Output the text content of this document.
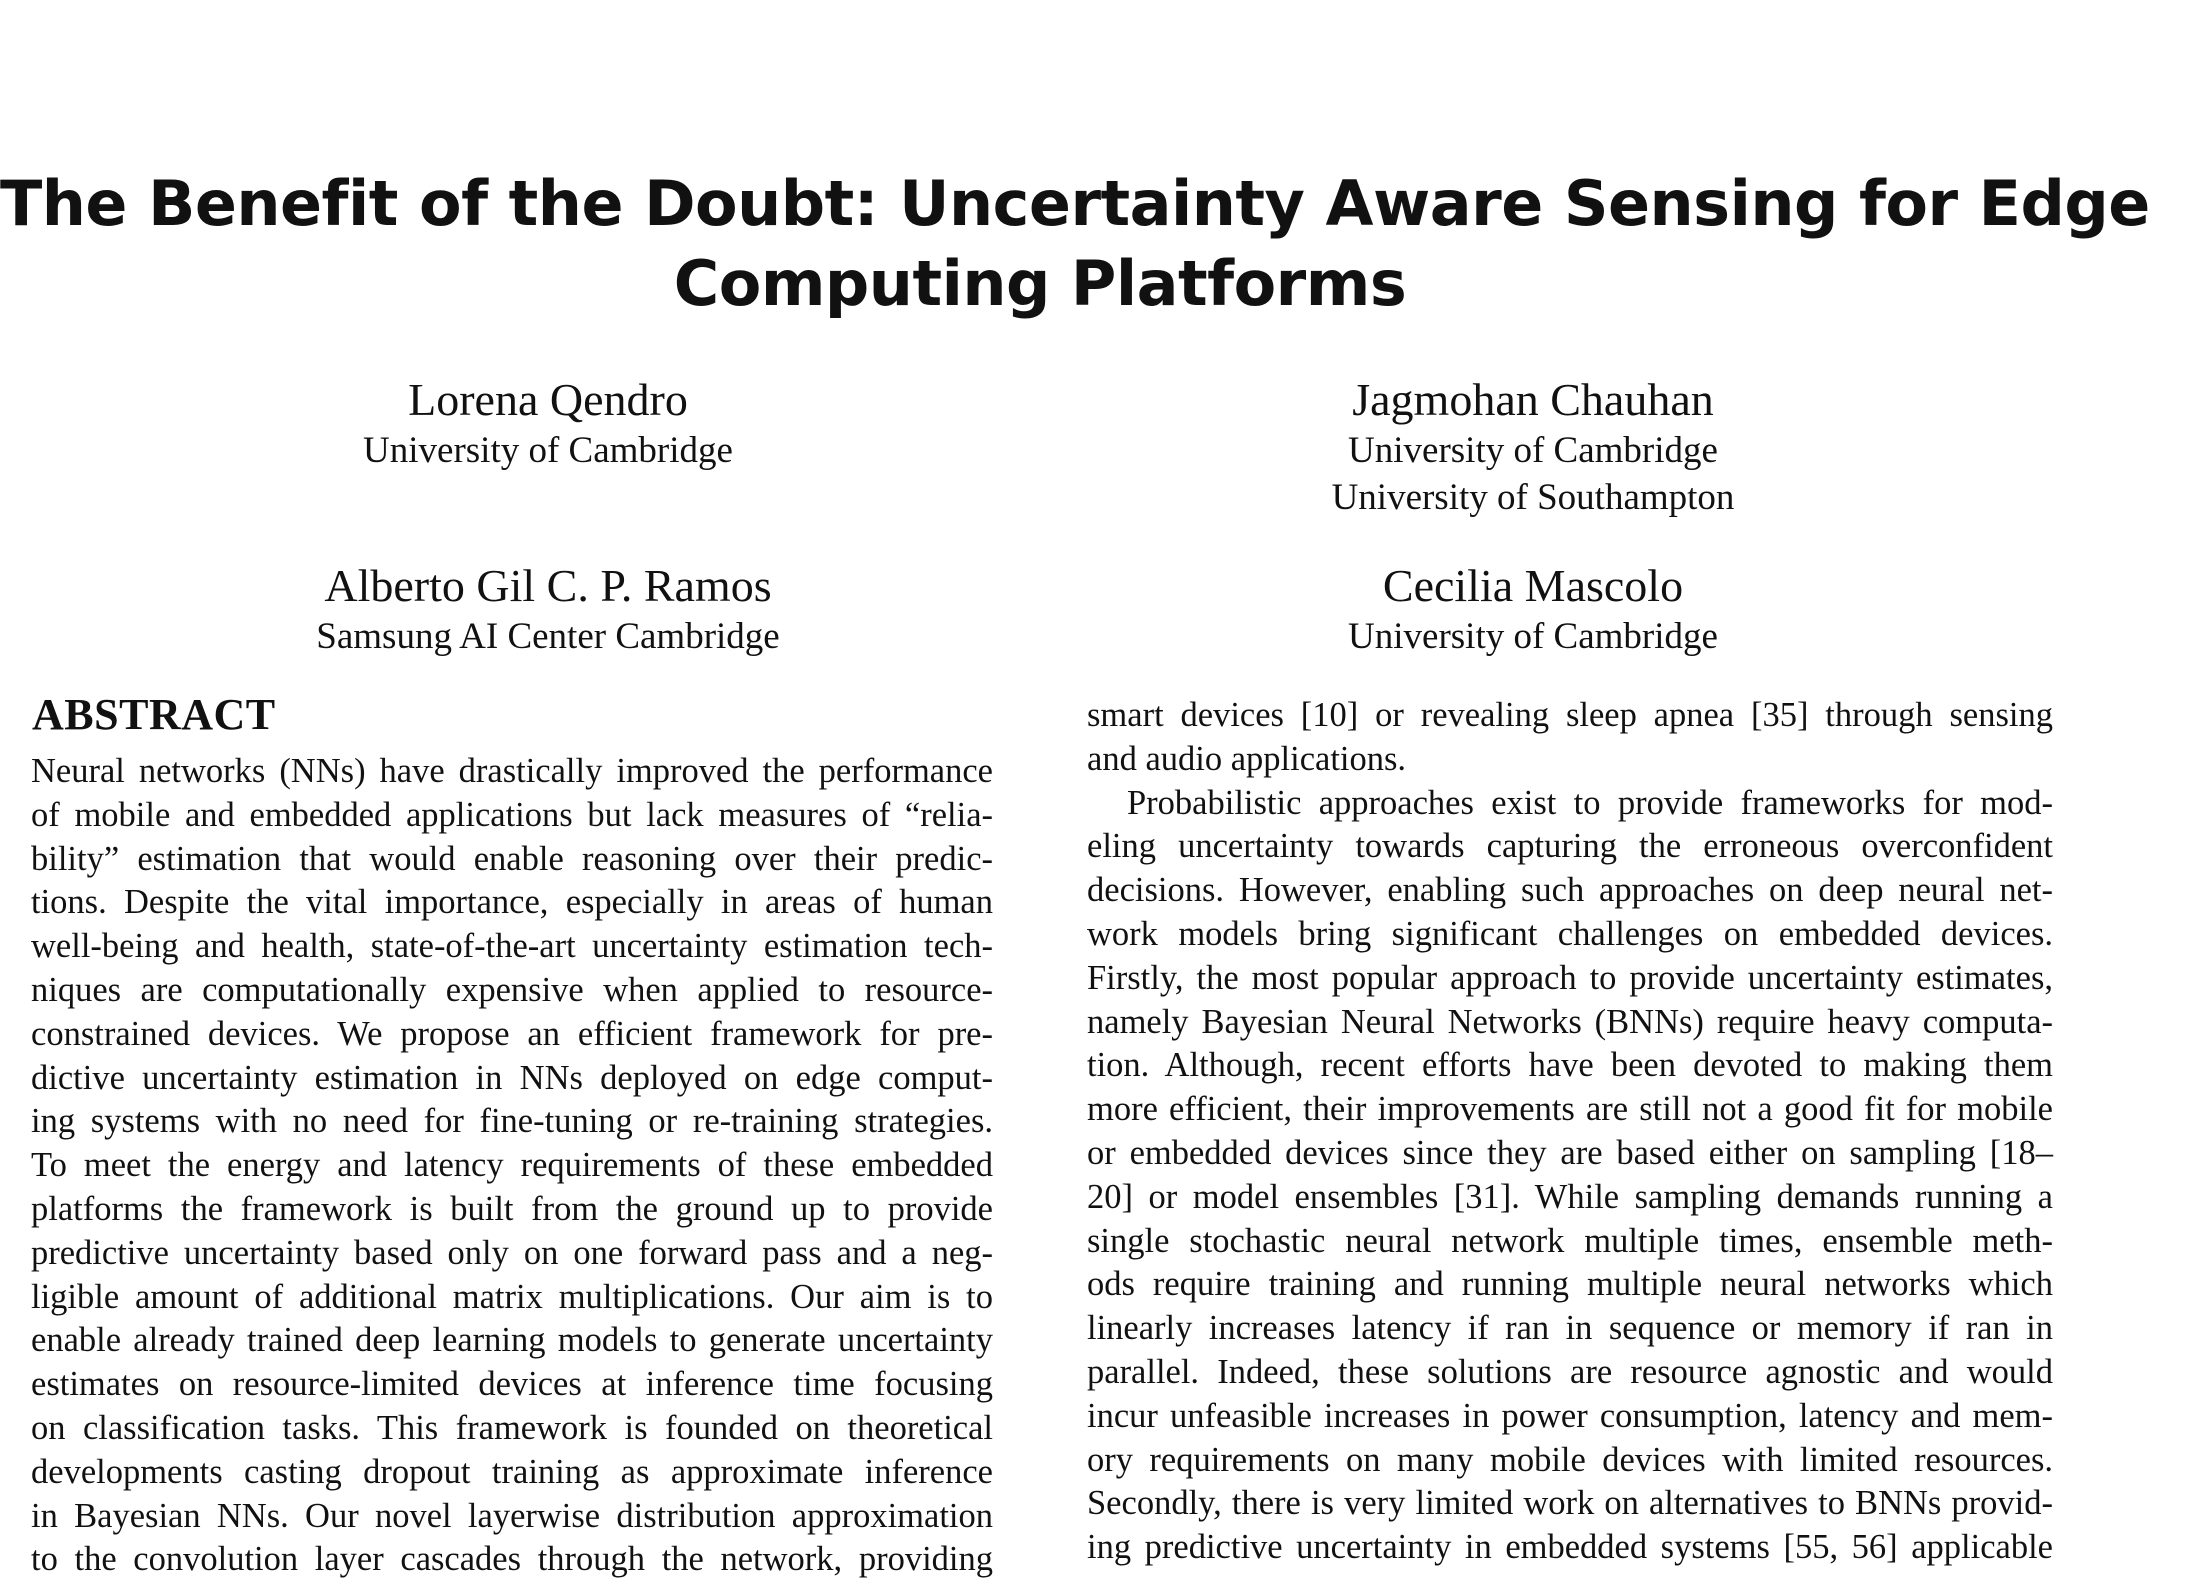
The Benefit of the Doubt: Uncertainty Aware Sensing for Edge
Computing Platforms
Lorena Qendro
University of Cambridge
Jagmohan Chauhan
University of Cambridge
University of Southampton
Alberto Gil C. P. Ramos
Samsung AI Center Cambridge
Cecilia Mascolo
University of Cambridge
ABSTRACT
Neural networks (NNs) have drastically improved the performance
of mobile and embedded applications but lack measures of “relia-
bility” estimation that would enable reasoning over their predic-
tions. Despite the vital importance, especially in areas of human
well-being and health, state-of-the-art uncertainty estimation tech-
niques are computationally expensive when applied to resource-
constrained devices. We propose an efficient framework for pre-
dictive uncertainty estimation in NNs deployed on edge comput-
ing systems with no need for fine-tuning or re-training strategies.
To meet the energy and latency requirements of these embedded
platforms the framework is built from the ground up to provide
predictive uncertainty based only on one forward pass and a neg-
ligible amount of additional matrix multiplications. Our aim is to
enable already trained deep learning models to generate uncertainty
estimates on resource-limited devices at inference time focusing
on classification tasks. This framework is founded on theoretical
developments casting dropout training as approximate inference
in Bayesian NNs. Our novel layerwise distribution approximation
to the convolution layer cascades through the network, providing
smart devices [10] or revealing sleep apnea [35] through sensing
and audio applications.
Probabilistic approaches exist to provide frameworks for mod-
eling uncertainty towards capturing the erroneous overconfident
decisions. However, enabling such approaches on deep neural net-
work models bring significant challenges on embedded devices.
Firstly, the most popular approach to provide uncertainty estimates,
namely Bayesian Neural Networks (BNNs) require heavy computa-
tion. Although, recent efforts have been devoted to making them
more efficient, their improvements are still not a good fit for mobile
or embedded devices since they are based either on sampling [18–
20] or model ensembles [31]. While sampling demands running a
single stochastic neural network multiple times, ensemble meth-
ods require training and running multiple neural networks which
linearly increases latency if ran in sequence or memory if ran in
parallel. Indeed, these solutions are resource agnostic and would
incur unfeasible increases in power consumption, latency and mem-
ory requirements on many mobile devices with limited resources.
Secondly, there is very limited work on alternatives to BNNs provid-
ing predictive uncertainty in embedded systems [55, 56] applicable
